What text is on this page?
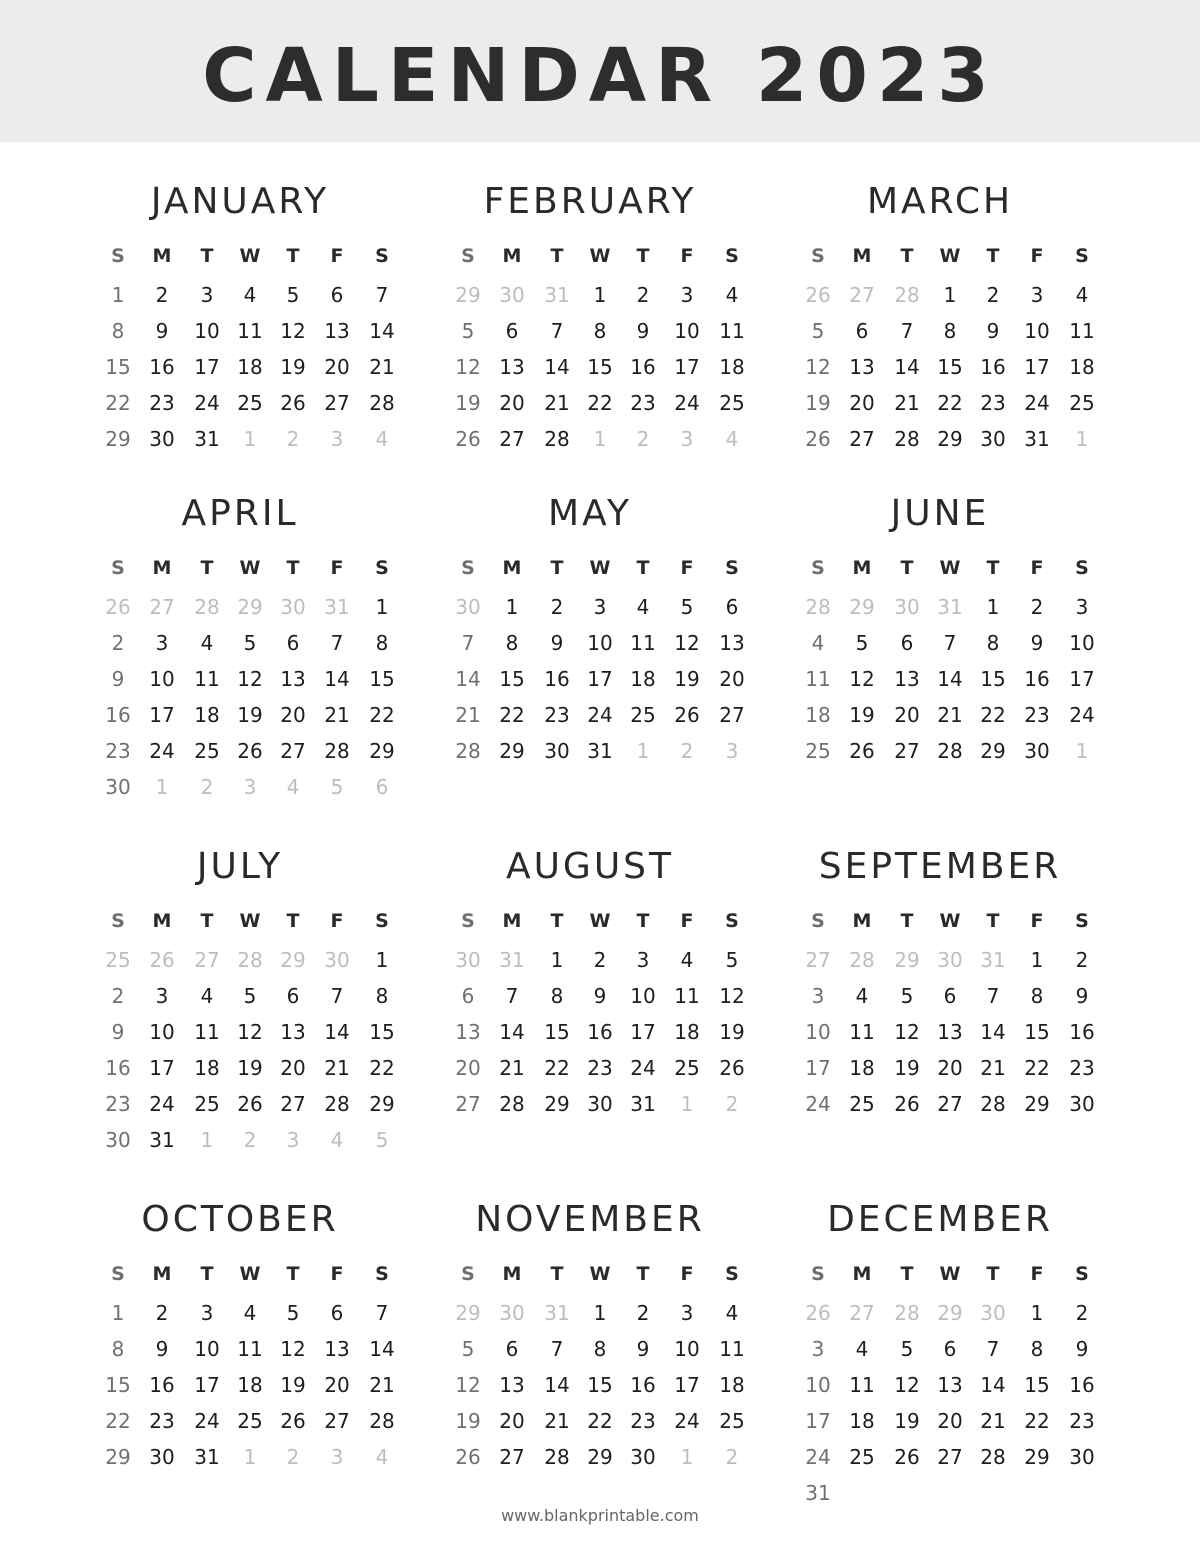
CALENDAR 2023
JANUARY
S	M	T	W	T	F	S
1	2	3	4	5	6	7
8	9	10 11 12 13 14
15 16 17 18 19 20 21
22 23 24 25 26 27 28
29 30 31	1	2	3	4
FEBRUARY
S	M	T	W	T	F	S
29 30 31	1	2	3	4
5	6	7	8	9	10 11
12 13 14 15 16 17 18
19 20 21 22 23 24 25
26 27 28	1	2	3	4
MARCH
S	M	T	W	T	F	S
26 27 28	1	2	3	4
5	6	7	8	9	10 11
12 13 14 15 16 17 18
19 20 21 22 23 24 25
26 27 28 29 30 31	1
APRIL
S	M	T	W	T	F	S
26 27 28 29 30 31	1
2	3	4	5	6	7	8
9	10 11 12 13 14 15
16 17 18 19 20 21 22
23 24 25 26 27 28 29
30	1	2	3	4	5	6
MAY
S	M	T	W	T	F	S
30	1	2	3	4	5	6
7	8	9	10 11 12 13
14 15 16 17 18 19 20
21 22 23 24 25 26 27
28 29 30 31	1	2	3
JUNE
S	M	T	W	T	F	S
28 29 30 31	1	2	3
4	5	6	7	8	9	10
11 12 13 14 15 16 17
18 19 20 21 22 23 24
25 26 27 28 29 30	1
JULY
S	M	T	W	T	F	S
25 26 27 28 29 30	1
2	3	4	5	6	7	8
9	10 11 12 13 14 15
16 17 18 19 20 21 22
23 24 25 26 27 28 29
30 31	1	2	3	4	5
AUGUST
S	M	T	W	T	F	S
30 31	1	2	3	4	5
6	7	8	9	10 11 12
13 14 15 16 17 18 19
20 21 22 23 24 25 26
27 28 29 30 31	1	2
SEPTEMBER
S	M	T	W	T	F	S
27 28 29 30 31	1	2
3	4	5	6	7	8	9
10 11 12 13 14 15 16
17 18 19 20 21 22 23
24 25 26 27 28 29 30
OCTOBER
S	M	T	W	T	F	S
1	2	3	4	5	6	7
8	9	10 11 12 13 14
15 16 17 18 19 20 21
22 23 24 25 26 27 28
29 30 31	1	2	3	4
NOVEMBER
S	M	T	W	T	F	S
29 30 31	1	2	3	4
5	6	7	8	9	10 11
12 13 14 15 16 17 18
19 20 21 22 23 24 25
26 27 28 29 30	1	2
DECEMBER
S	M	T	W	T	F	S
26 27 28 29 30	1	2
3	4	5	6	7	8	9
10 11 12 13 14 15 16
17 18 19 20 21 22 23
24 25 26 27 28 29 30
31
www.blankprintable.com
